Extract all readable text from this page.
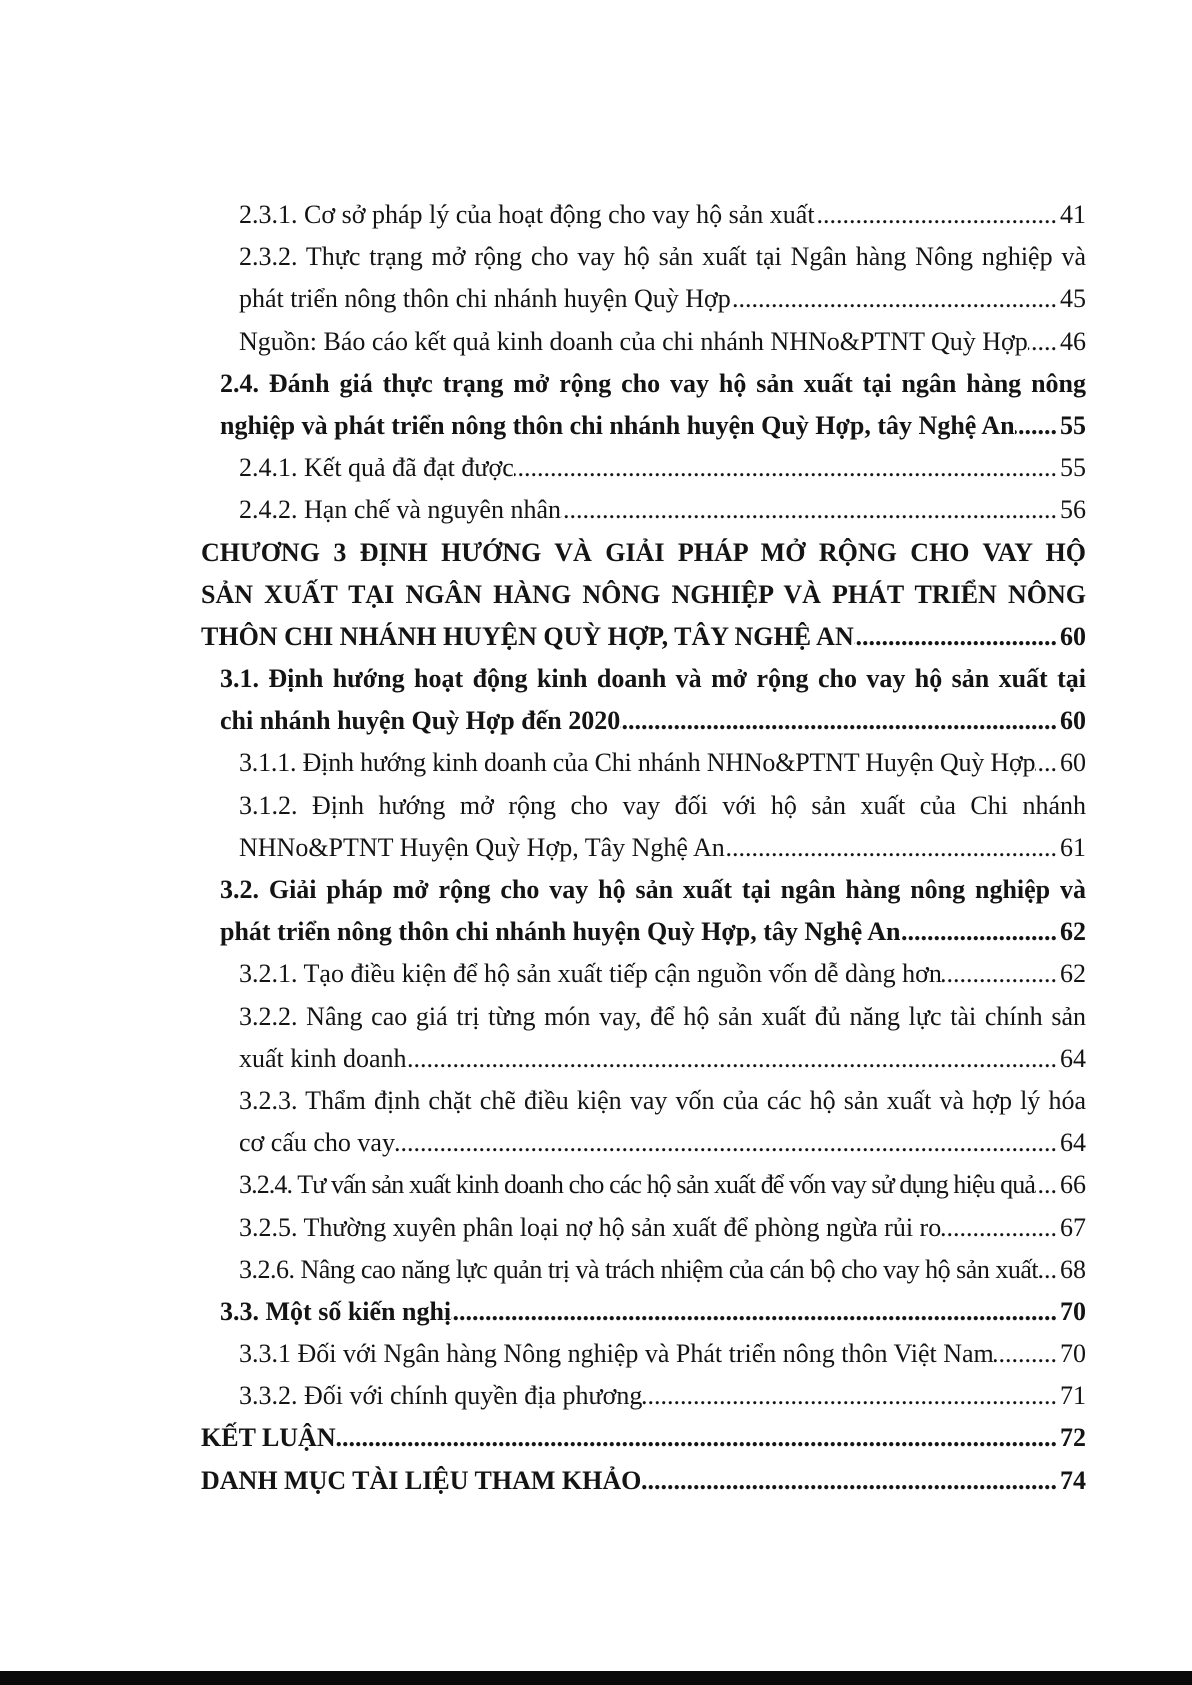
2.3.1. Cơ sở pháp lý của hoạt động cho vay hộ sản xuất .....	41
2.3.2. Thực trạng mở rộng cho vay hộ sản xuất tại Ngân hàng Nông nghiệp và
phát triển nông thôn chi nhánh huyện Quỳ Hợp .....	45
Nguồn: Báo cáo kết quả kinh doanh của chi nhánh NHNo&PTNT Quỳ Hợp ..... 46
2.4. Đánh giá thực trạng mở rộng cho vay hộ sản xuất tại ngân hàng nông
nghiệp và phát triển nông thôn chi nhánh huyện Quỳ Hợp, tây Nghệ An ..... 55
2.4.1. Kết quả đã đạt được .....	55
2.4.2. Hạn chế và nguyên nhân .....	56
CHƯƠNG 3 ĐỊNH HƯỚNG VÀ GIẢI PHÁP MỞ RỘNG CHO VAY HỘ
SẢN XUẤT TẠI NGÂN HÀNG NÔNG NGHIỆP VÀ PHÁT TRIỂN NÔNG
THÔN CHI NHÁNH HUYỆN QUỲ HỢP, TÂY NGHỆ AN .....	60
3.1. Định hướng hoạt động kinh doanh và mở rộng cho vay hộ sản xuất tại
chi nhánh huyện Quỳ Hợp đến 2020 .....	60
3.1.1. Định hướng kinh doanh của Chi nhánh NHNo&PTNT Huyện Quỳ Hợp ..... 60
3.1.2. Định hướng mở rộng cho vay đối với hộ sản xuất của Chi nhánh
NHNo&PTNT Huyện Quỳ Hợp, Tây Nghệ An .....	61
3.2. Giải pháp mở rộng cho vay hộ sản xuất tại ngân hàng nông nghiệp và
phát triển nông thôn chi nhánh huyện Quỳ Hợp, tây Nghệ An .....	62
3.2.1. Tạo điều kiện để hộ sản xuất tiếp cận nguồn vốn dễ dàng hơn .....	62
3.2.2. Nâng cao giá trị từng món vay, để hộ sản xuất đủ năng lực tài chính sản
xuất kinh doanh .....	64
3.2.3. Thẩm định chặt chẽ điều kiện vay vốn của các hộ sản xuất và hợp lý hóa
cơ cấu cho vay .....	64
3.2.4. Tư vấn sản xuất kinh doanh cho các hộ sản xuất để vốn vay sử dụng hiệu quả ..... 66
3.2.5. Thường xuyên phân loại nợ hộ sản xuất để phòng ngừa rủi ro .....	67
3.2.6. Nâng cao năng lực quản trị và trách nhiệm của cán bộ cho vay hộ sản xuất ..... 68
3.3. Một số kiến nghị .....	70
3.3.1 Đối với Ngân hàng Nông nghiệp và Phát triển nông thôn Việt Nam .....	70
3.3.2. Đối với chính quyền địa phương .....	71
KẾT LUẬN .....	72
DANH MỤC TÀI LIỆU THAM KHẢO .....	74
